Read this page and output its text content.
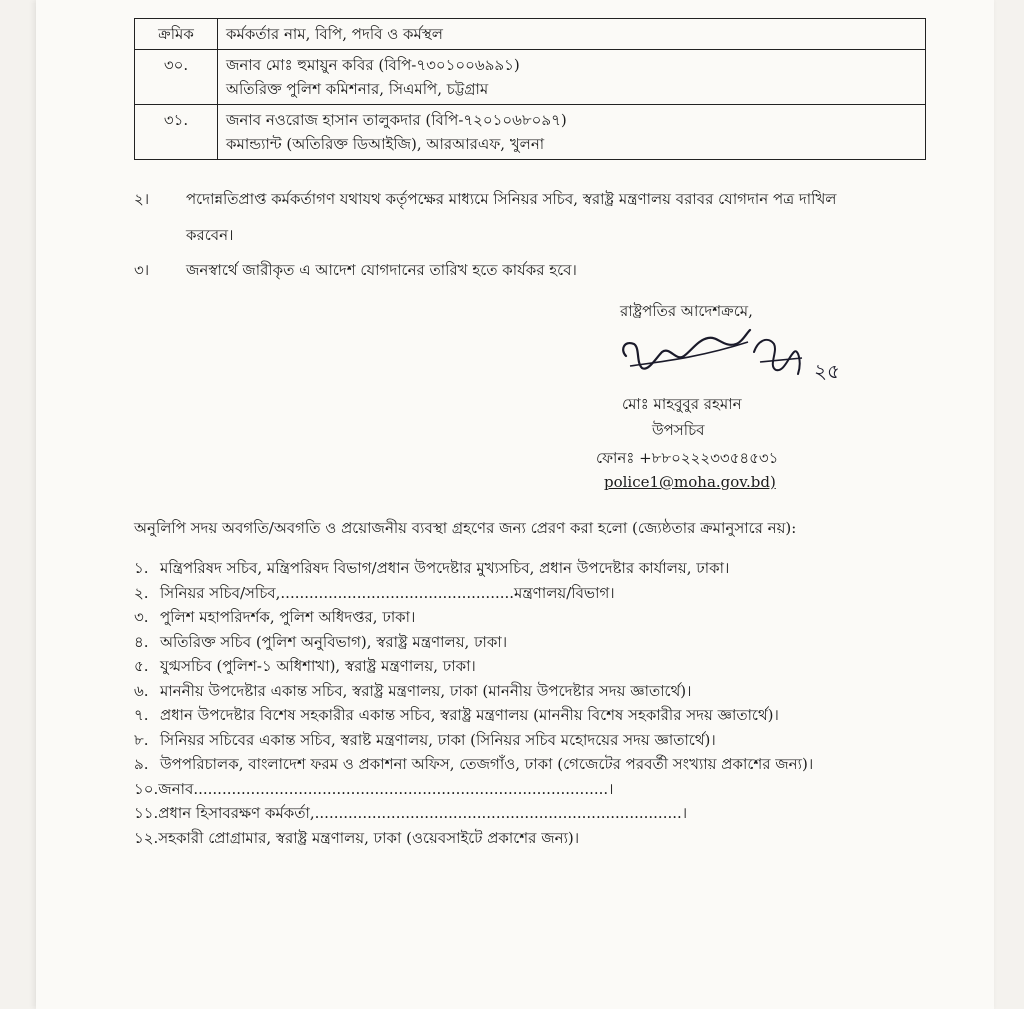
ক্রমিক	কর্মকর্তার নাম, বিপি, পদবি ও কর্মস্থল
৩০.	জনাব মোঃ হুমায়ুন কবির (বিপি-৭৩০১০০৬৯৯১)
অতিরিক্ত পুলিশ কমিশনার, সিএমপি, চট্টগ্রাম

৩১.	জনাব নওরোজ হাসান তালুকদার (বিপি-৭২০১০৬৮০৯৭)
কমান্ড্যান্ট (অতিরিক্ত ডিআইজি), আরআরএফ, খুলনা
২। পদোন্নতিপ্রাপ্ত কর্মকর্তাগণ যথাযথ কর্তৃপক্ষের মাধ্যমে সিনিয়র সচিব, স্বরাষ্ট্র মন্ত্রণালয় বরাবর যোগদান পত্র দাখিল
করবেন।
৩। জনস্বার্থে জারীকৃত এ আদেশ যোগদানের তারিখ হতে কার্যকর হবে।
রাষ্ট্রপতির আদেশক্রমে,
২৫
মোঃ মাহবুবুর রহমান
উপসচিব
ফোনঃ +৮৮০২২২৩৩৫৪৫৩১
police1@moha.gov.bd)
অনুলিপি সদয় অবগতি/অবগতি ও প্রয়োজনীয় ব্যবস্থা গ্রহণের জন্য প্রেরণ করা হলো (জ্যেষ্ঠতার ক্রমানুসারে নয়):
১. মন্ত্রিপরিষদ সচিব, মন্ত্রিপরিষদ বিভাগ/প্রধান উপদেষ্টার মুখ্যসচিব, প্রধান উপদেষ্টার কার্যালয়, ঢাকা।
২. সিনিয়র সচিব/সচিব,.................................................মন্ত্রণালয়/বিভাগ।
৩. পুলিশ মহাপরিদর্শক, পুলিশ অধিদপ্তর, ঢাকা।
৪. অতিরিক্ত সচিব (পুলিশ অনুবিভাগ), স্বরাষ্ট্র মন্ত্রণালয়, ঢাকা।
৫. যুগ্মসচিব (পুলিশ-১ অধিশাখা), স্বরাষ্ট্র মন্ত্রণালয়, ঢাকা।
৬. মাননীয় উপদেষ্টার একান্ত সচিব, স্বরাষ্ট্র মন্ত্রণালয়, ঢাকা (মাননীয় উপদেষ্টার সদয় জ্ঞাতার্থে)।
৭. প্রধান উপদেষ্টার বিশেষ সহকারীর একান্ত সচিব, স্বরাষ্ট্র মন্ত্রণালয় (মাননীয় বিশেষ সহকারীর সদয় জ্ঞাতার্থে)।
৮. সিনিয়র সচিবের একান্ত সচিব, স্বরাষ্ট মন্ত্রণালয়, ঢাকা (সিনিয়র সচিব মহোদয়ের সদয় জ্ঞাতার্থে)।
৯. উপপরিচালক, বাংলাদেশ ফরম ও প্রকাশনা অফিস, তেজগাঁও, ঢাকা (গেজেটের পরবর্তী সংখ্যায় প্রকাশের জন্য)।
১০. জনাব.......................................................................................।
১১. প্রধান হিসাবরক্ষণ কর্মকর্তা,.............................................................................।
১২. সহকারী প্রোগ্রামার, স্বরাষ্ট্র মন্ত্রণালয়, ঢাকা (ওয়েবসাইটে প্রকাশের জন্য)।
